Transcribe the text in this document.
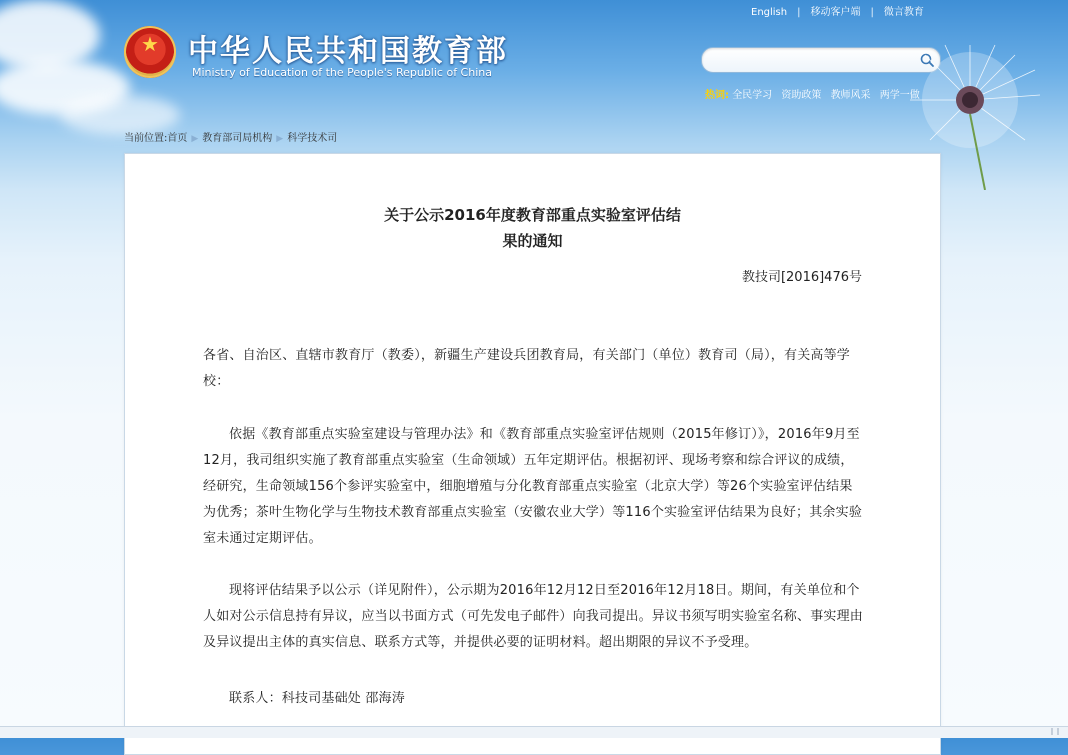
★ 中华人民共和国教育部
Ministry of Education of the People's Republic of China
English | 移动客户端 | 微言教育
热词: 全民学习 资助政策 教师风采 两学一做
当前位置:首页 ▶ 教育部司局机构 ▶ 科学技术司
关于公示2016年度教育部重点实验室评估结
果的通知
教技司[2016]476号
各省、自治区、直辖市教育厅（教委），新疆生产建设兵团教育局，有关部门（单位）教育司（局），有关高等学校：
依据《教育部重点实验室建设与管理办法》和《教育部重点实验室评估规则（2015年修订）》，2016年9月至12月，我司组织实施了教育部重点实验室（生命领域）五年定期评估。根据初评、现场考察和综合评议的成绩，经研究，生命领域156个参评实验室中，细胞增殖与分化教育部重点实验室（北京大学）等26个实验室评估结果为优秀；茶叶生物化学与生物技术教育部重点实验室（安徽农业大学）等116个实验室评估结果为良好；其余实验室未通过定期评估。
现将评估结果予以公示（详见附件），公示期为2016年12月12日至2016年12月18日。期间，有关单位和个人如对公示信息持有异议，应当以书面方式（可先发电子邮件）向我司提出。异议书须写明实验室名称、事实理由及异议提出主体的真实信息、联系方式等，并提供必要的证明材料。超出期限的异议不予受理。
联系人：科技司基础处 邵海涛
